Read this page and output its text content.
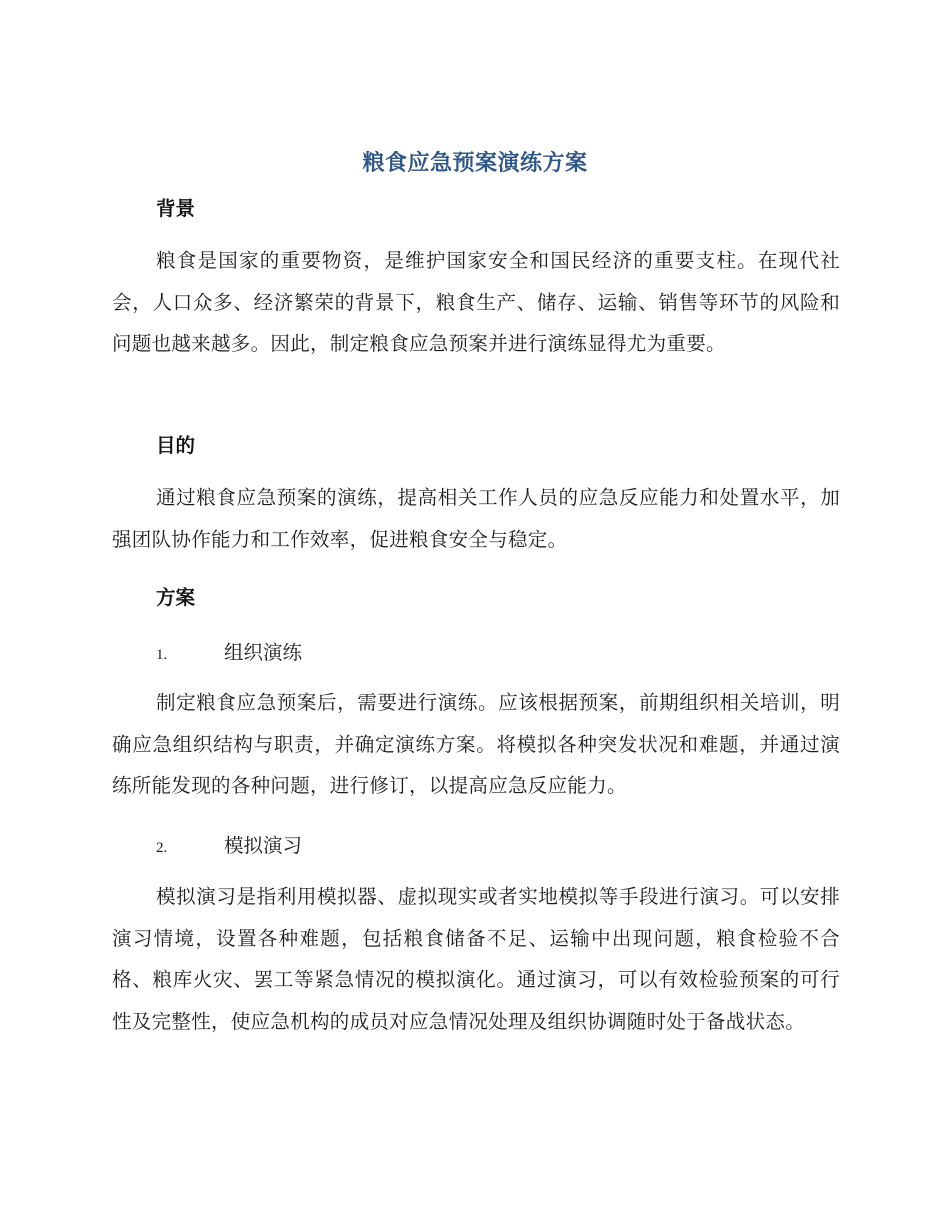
粮食应急预案演练方案
背景

粮食是国家的重要物资，是维护国家安全和国民经济的重要支柱。在现代社会，人口众多、经济繁荣的背景下，粮食生产、储存、运输、销售等环节的风险和问题也越来越多。因此，制定粮食应急预案并进行演练显得尤为重要。

目的

通过粮食应急预案的演练，提高相关工作人员的应急反应能力和处置水平，加强团队协作能力和工作效率，促进粮食安全与稳定。

方案
1.	组织演练

制定粮食应急预案后，需要进行演练。应该根据预案，前期组织相关培训，明确应急组织结构与职责，并确定演练方案。将模拟各种突发状况和难题，并通过演练所能发现的各种问题，进行修订，以提高应急反应能力。

2.	模拟演习

模拟演习是指利用模拟器、虚拟现实或者实地模拟等手段进行演习。可以安排演习情境，设置各种难题，包括粮食储备不足、运输中出现问题，粮食检验不合格、粮库火灾、罢工等紧急情况的模拟演化。通过演习，可以有效检验预案的可行性及完整性，使应急机构的成员对应急情况处理及组织协调随时处于备战状态。
